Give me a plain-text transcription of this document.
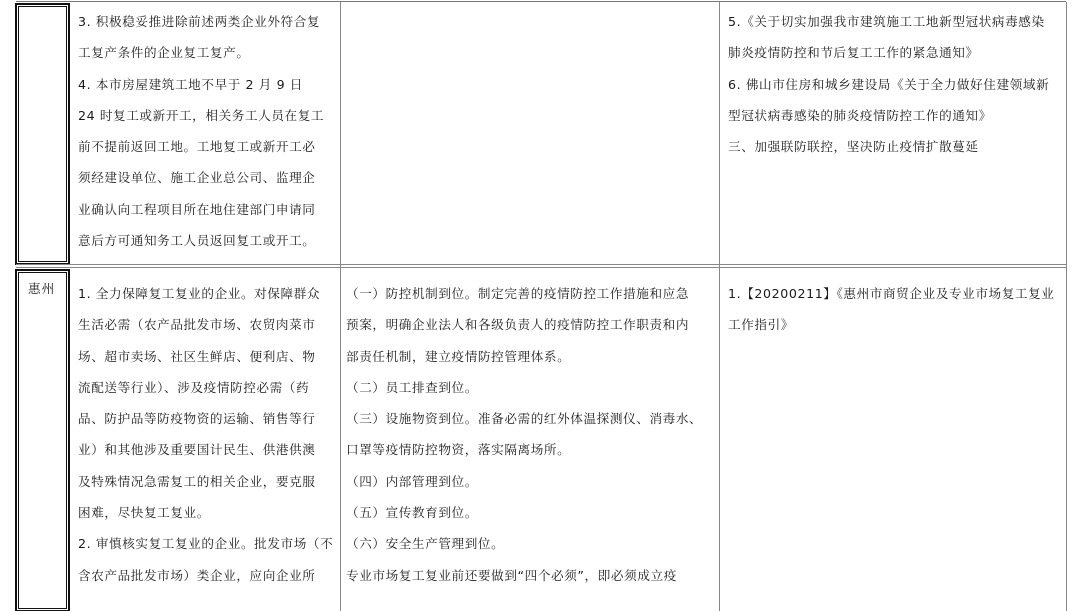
3. 积极稳妥推进除前述两类企业外符合复
工复产条件的企业复工复产。
4. 本市房屋建筑工地不早于 2 月 9 日
24 时复工或新开工，相关务工人员在复工
前不提前返回工地。工地复工或新开工必
须经建设单位、施工企业总公司、监理企
业确认向工程项目所在地住建部门申请同
意后方可通知务工人员返回复工或开工。
5.《关于切实加强我市建筑施工工地新型冠状病毒感染
肺炎疫情防控和节后复工工作的紧急通知》
6. 佛山市住房和城乡建设局《关于全力做好住建领域新
型冠状病毒感染的肺炎疫情防控工作的通知》
三、加强联防联控，坚决防止疫情扩散蔓延
惠州	1. 全力保障复工复业的企业。对保障群众
生活必需（农产品批发市场、农贸肉菜市
场、超市卖场、社区生鲜店、便利店、物
流配送等行业）、涉及疫情防控必需（药
品、防护品等防疫物资的运输、销售等行
业）和其他涉及重要国计民生、供港供澳
及特殊情况急需复工的相关企业，要克服
困难，尽快复工复业。
2. 审慎核实复工复业的企业。批发市场（不
含农产品批发市场）类企业，应向企业所
（一）防控机制到位。制定完善的疫情防控工作措施和应急
预案，明确企业法人和各级负责人的疫情防控工作职责和内
部责任机制，建立疫情防控管理体系。
（二）员工排查到位。
（三）设施物资到位。准备必需的红外体温探测仪、消毒水、
口罩等疫情防控物资，落实隔离场所。
（四）内部管理到位。
（五）宣传教育到位。
（六）安全生产管理到位。
专业市场复工复业前还要做到“四个必须”，即必须成立疫
1.【20200211】《惠州市商贸企业及专业市场复工复业
工作指引》
